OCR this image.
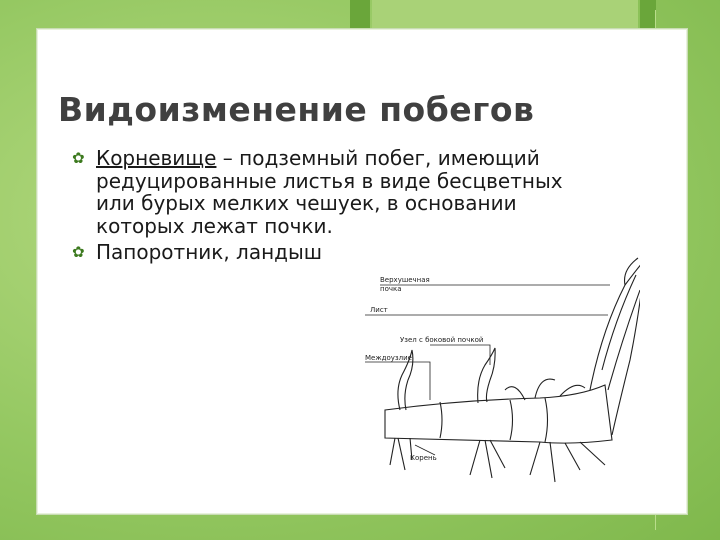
Видоизменение побегов
✿ Корневище – подземный побег, имеющий редуцированные листья в виде бесцветных или бурых мелких чешуек, в основании которых лежат почки.
✿ Папоротник, ландыш
Верхушечная
почка
Лист
Узел с боковой почкой
Междоузлие
Корень
